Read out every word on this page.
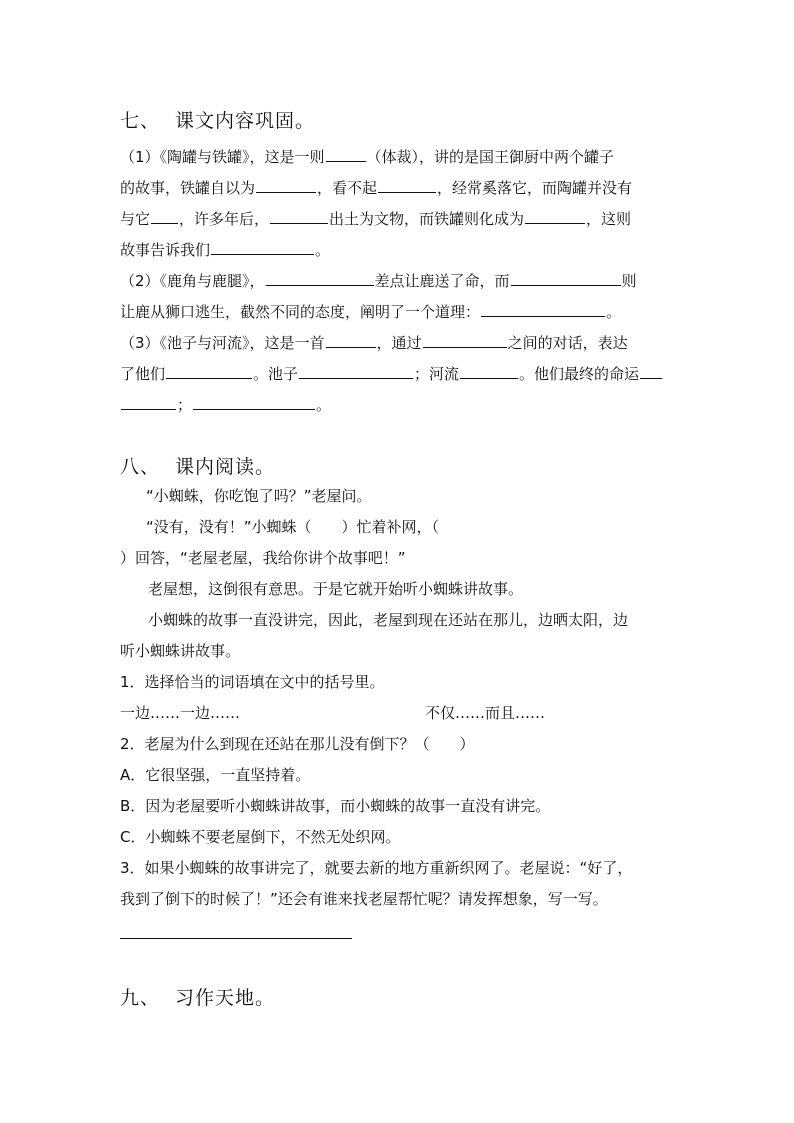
七、 课文内容巩固。
（1）《陶罐与铁罐》，这是一则	（体裁），讲的是国王御厨中两个罐子
的故事，铁罐自以为	，看不起	，经常奚落它，而陶罐并没有
与它 ，许多年后，	出土为文物，而铁罐则化成为	，这则
故事告诉我们	。
（2）《鹿角与鹿腿》，	差点让鹿送了命，而	则
让鹿从狮口逃生，截然不同的态度，阐明了一个道理：	。
（3）《池子与河流》，这是一首	，通过	之间的对话，表达
了他们	。池子	；河流	。他们最终的命运
；	。
八、 课内阅读。
“小蜘蛛，你吃饱了吗？”老屋问。
“没有，没有！”小蜘蛛（　　）忙着补网，（
）回答，“老屋老屋，我给你讲个故事吧！”
老屋想，这倒很有意思。于是它就开始听小蜘蛛讲故事。
小蜘蛛的故事一直没讲完，因此，老屋到现在还站在那儿，边晒太阳，边
听小蜘蛛讲故事。
1．选择恰当的词语填在文中的括号里。
一边……一边……	不仅……而且……
2．老屋为什么到现在还站在那儿没有倒下？（　　）
A．它很坚强，一直坚持着。
B．因为老屋要听小蜘蛛讲故事，而小蜘蛛的故事一直没有讲完。
C．小蜘蛛不要老屋倒下，不然无处织网。
3．如果小蜘蛛的故事讲完了，就要去新的地方重新织网了。老屋说：“好了，
我到了倒下的时候了！”还会有谁来找老屋帮忙呢？请发挥想象，写一写。
九、 习作天地。
